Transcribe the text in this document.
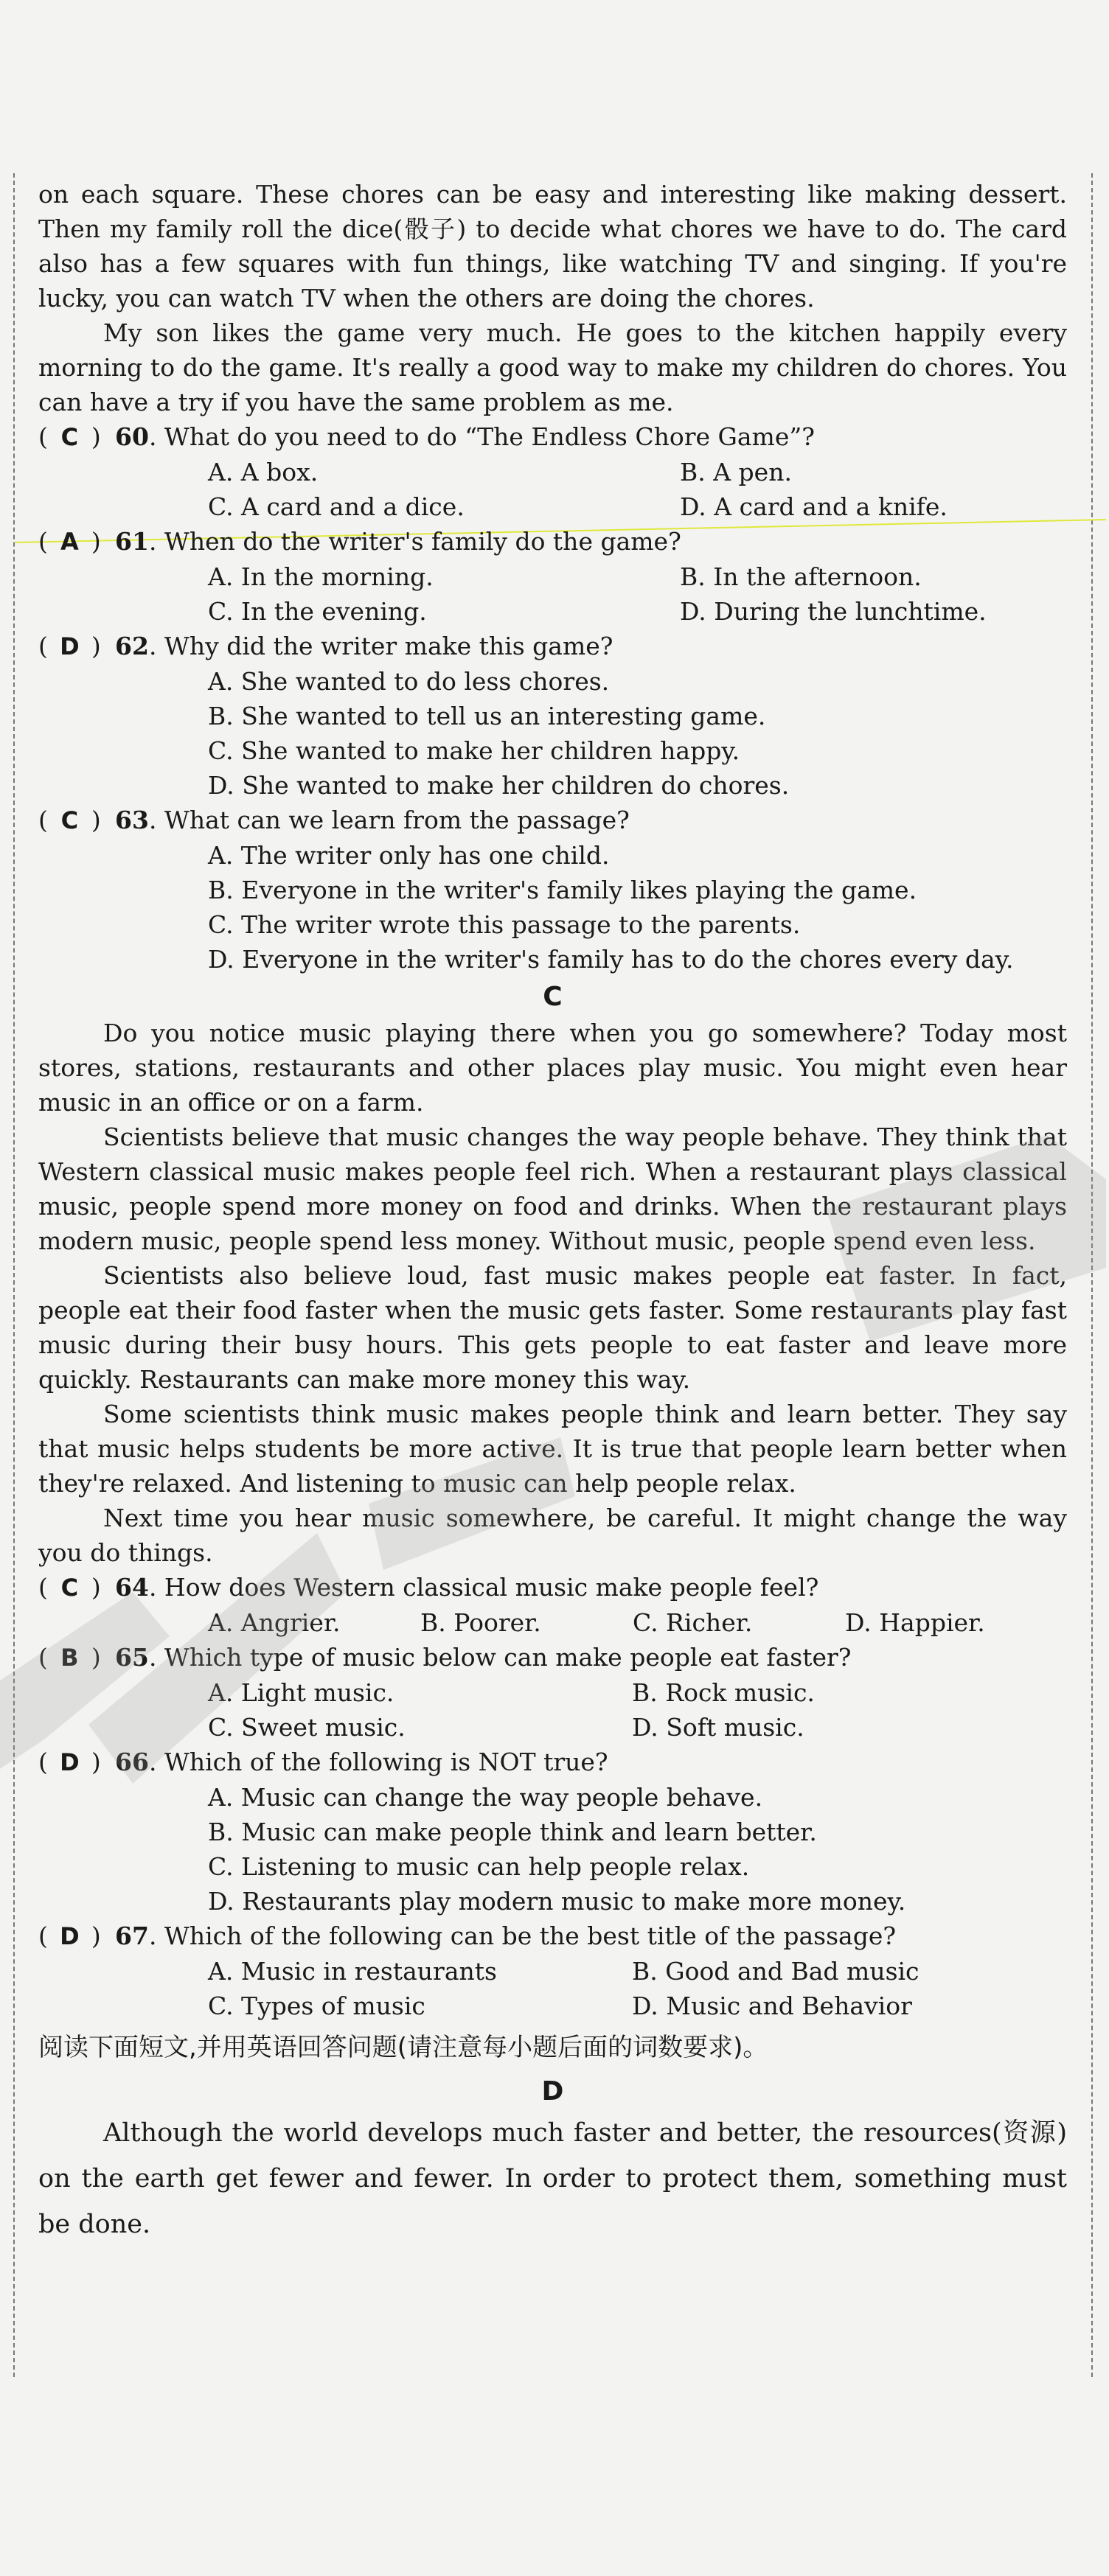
on each square. These chores can be easy and interesting like making dessert. Then my family roll the dice(骰子) to decide what chores we have to do. The card also has a few squares with fun things, like watching TV and singing. If you're lucky, you can watch TV when the others are doing the chores.

My son likes the game very much. He goes to the kitchen happily every morning to do the game. It's really a good way to make my children do chores. You can have a try if you have the same problem as me.

( C ) 60. What do you need to do “The Endless Chore Game”?
A. A box.	B. A pen.
C. A card and a dice.	D. A card and a knife.
( A ) 61. When do the writer's family do the game?
A. In the morning.	B. In the afternoon.
C. In the evening.	D. During the lunchtime.
( D ) 62. Why did the writer make this game?
A. She wanted to do less chores.
B. She wanted to tell us an interesting game.
C. She wanted to make her children happy.
D. She wanted to make her children do chores.
( C ) 63. What can we learn from the passage?
A. The writer only has one child.
B. Everyone in the writer's family likes playing the game.
C. The writer wrote this passage to the parents.
D. Everyone in the writer's family has to do the chores every day.
C

Do you notice music playing there when you go somewhere? Today most stores, stations, restaurants and other places play music. You might even hear music in an office or on a farm.

Scientists believe that music changes the way people behave. They think that Western classical music makes people feel rich. When a restaurant plays classical music, people spend more money on food and drinks. When the restaurant plays modern music, people spend less money. Without music, people spend even less.

Scientists also believe loud, fast music makes people eat faster. In fact, people eat their food faster when the music gets faster. Some restaurants play fast music during their busy hours. This gets people to eat faster and leave more quickly. Restaurants can make more money this way.

Some scientists think music makes people think and learn better. They say that music helps students be more active. It is true that people learn better when they're relaxed. And listening to music can help people relax.

Next time you hear music somewhere, be careful. It might change the way you do things.

( C ) 64. How does Western classical music make people feel?
A. Angrier.	B. Poorer.	C. Richer.	D. Happier.
( B ) 65. Which type of music below can make people eat faster?
A. Light music.	B. Rock music.
C. Sweet music.	D. Soft music.
( D ) 66. Which of the following is NOT true?
A. Music can change the way people behave.
B. Music can make people think and learn better.
C. Listening to music can help people relax.
D. Restaurants play modern music to make more money.
( D ) 67. Which of the following can be the best title of the passage?
A. Music in restaurants	B. Good and Bad music
C. Types of music	D. Music and Behavior
阅读下面短文,并用英语回答问题(请注意每小题后面的词数要求)。
D

Although the world develops much faster and better, the resources(资源) on the earth get fewer and fewer. In order to protect them, something must be done.
